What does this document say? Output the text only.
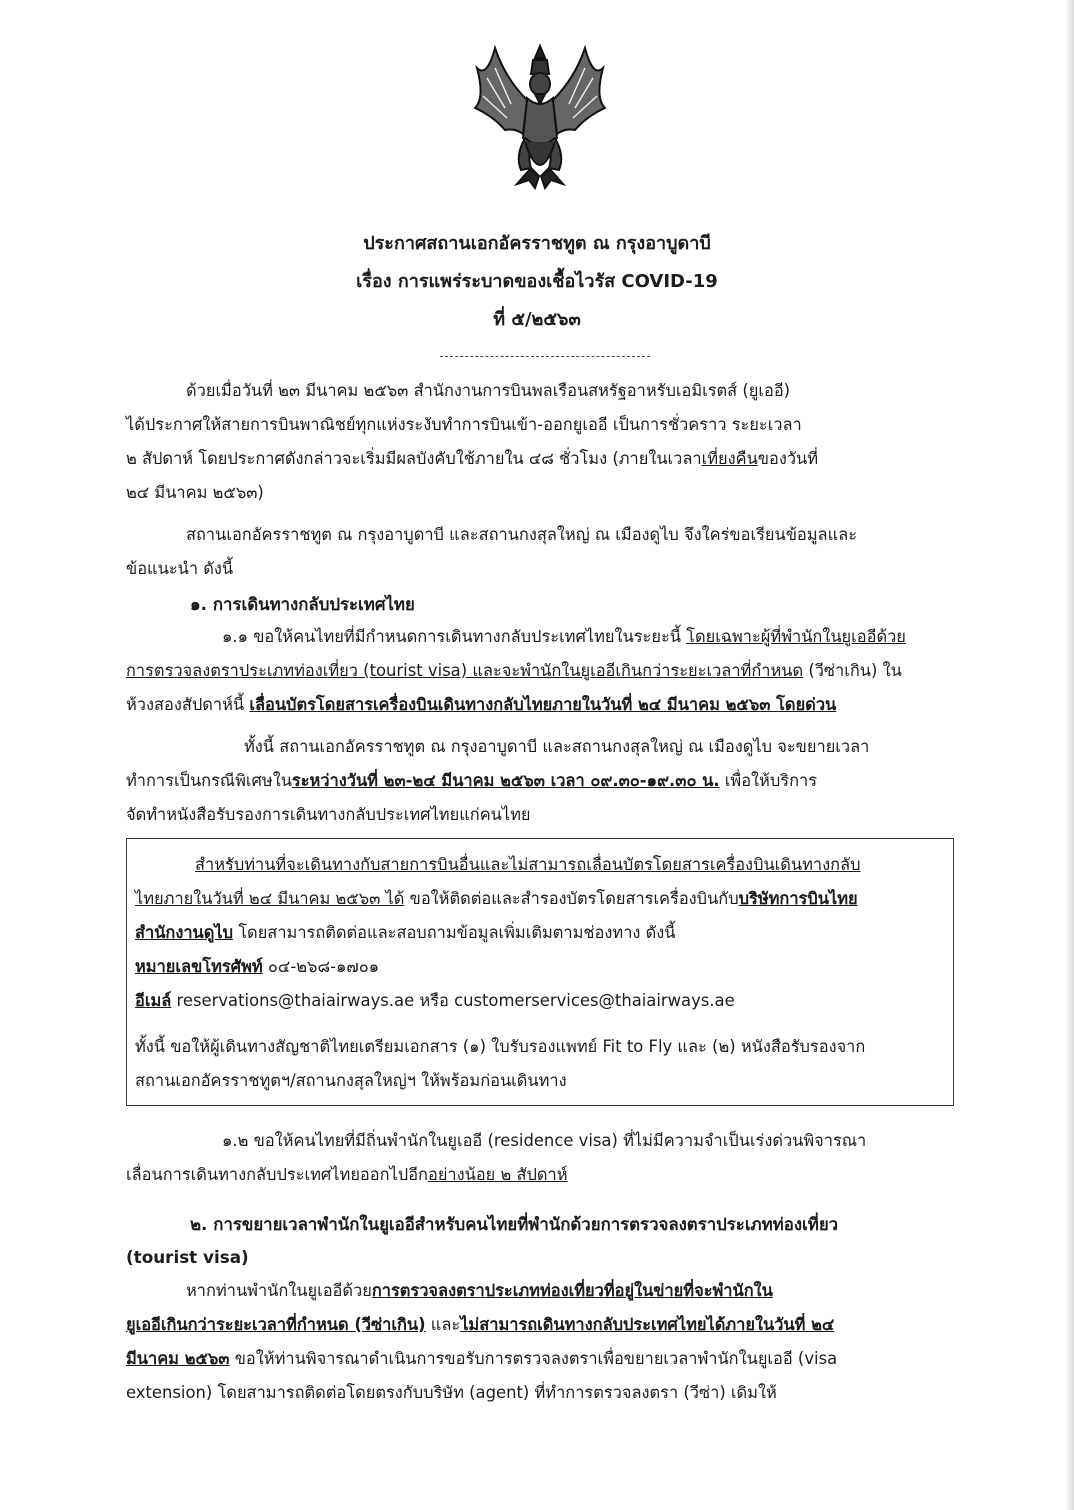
ประกาศสถานเอกอัครราชทูต ณ กรุงอาบูดาบี
เรื่อง การแพร่ระบาดของเชื้อไวรัส COVID-19
ที่ ๕/๒๕๖๓

ด้วยเมื่อวันที่ ๒๓ มีนาคม ๒๕๖๓ สำนักงานการบินพลเรือนสหรัฐอาหรับเอมิเรตส์ (ยูเออี)
ได้ประกาศให้สายการบินพาณิชย์ทุกแห่งระงับทำการบินเข้า-ออกยูเออี เป็นการชั่วคราว ระยะเวลา
๒ สัปดาห์ โดยประกาศดังกล่าวจะเริ่มมีผลบังคับใช้ภายใน ๔๘ ชั่วโมง (ภายในเวลาเที่ยงคืนของวันที่
๒๔ มีนาคม ๒๕๖๓)

สถานเอกอัครราชทูต ณ กรุงอาบูดาบี และสถานกงสุลใหญ่ ณ เมืองดูไบ จึงใคร่ขอเรียนข้อมูลและ
ข้อแนะนำ ดังนี้

๑. การเดินทางกลับประเทศไทย

๑.๑ ขอให้คนไทยที่มีกำหนดการเดินทางกลับประเทศไทยในระยะนี้ โดยเฉพาะผู้ที่พำนักในยูเออีด้วย
การตรวจลงตราประเภทท่องเที่ยว (tourist visa) และจะพำนักในยูเออีเกินกว่าระยะเวลาที่กำหนด (วีซ่าเกิน) ใน
ห้วงสองสัปดาห์นี้ เลื่อนบัตรโดยสารเครื่องบินเดินทางกลับไทยภายในวันที่ ๒๔ มีนาคม ๒๕๖๓ โดยด่วน

ทั้งนี้ สถานเอกอัครราชทูต ณ กรุงอาบูดาบี และสถานกงสุลใหญ่ ณ เมืองดูไบ จะขยายเวลา
ทำการเป็นกรณีพิเศษในระหว่างวันที่ ๒๓-๒๔ มีนาคม ๒๕๖๓ เวลา ๐๙.๓๐-๑๙.๓๐ น. เพื่อให้บริการ
จัดทำหนังสือรับรองการเดินทางกลับประเทศไทยแก่คนไทย

สำหรับท่านที่จะเดินทางกับสายการบินอื่นและไม่สามารถเลื่อนบัตรโดยสารเครื่องบินเดินทางกลับ
ไทยภายในวันที่ ๒๔ มีนาคม ๒๕๖๓ ได้ ขอให้ติดต่อและสำรองบัตรโดยสารเครื่องบินกับบริษัทการบินไทย
สำนักงานดูไบ โดยสามารถติดต่อและสอบถามข้อมูลเพิ่มเติมตามช่องทาง ดังนี้
หมายเลขโทรศัพท์ ๐๔-๒๖๘-๑๗๐๑
อีเมล์ reservations@thaiairways.ae หรือ customerservices@thaiairways.ae

ทั้งนี้ ขอให้ผู้เดินทางสัญชาติไทยเตรียมเอกสาร (๑) ใบรับรองแพทย์ Fit to Fly และ (๒) หนังสือรับรองจาก
สถานเอกอัครราชทูตฯ/สถานกงสุลใหญ่ฯ ให้พร้อมก่อนเดินทาง

๑.๒ ขอให้คนไทยที่มีถิ่นพำนักในยูเออี (residence visa) ที่ไม่มีความจำเป็นเร่งด่วนพิจารณา
เลื่อนการเดินทางกลับประเทศไทยออกไปอีกอย่างน้อย ๒ สัปดาห์

๒. การขยายเวลาพำนักในยูเออีสำหรับคนไทยที่พำนักด้วยการตรวจลงตราประเภทท่องเที่ยว
(tourist visa)

หากท่านพำนักในยูเออีด้วยการตรวจลงตราประเภทท่องเที่ยวที่อยู่ในข่ายที่จะพำนักใน
ยูเออีเกินกว่าระยะเวลาที่กำหนด (วีซ่าเกิน) และไม่สามารถเดินทางกลับประเทศไทยได้ภายในวันที่ ๒๔
มีนาคม ๒๕๖๓ ขอให้ท่านพิจารณาดำเนินการขอรับการตรวจลงตราเพื่อขยายเวลาพำนักในยูเออี (visa
extension) โดยสามารถติดต่อโดยตรงกับบริษัท (agent) ที่ทำการตรวจลงตรา (วีซ่า) เดิมให้
